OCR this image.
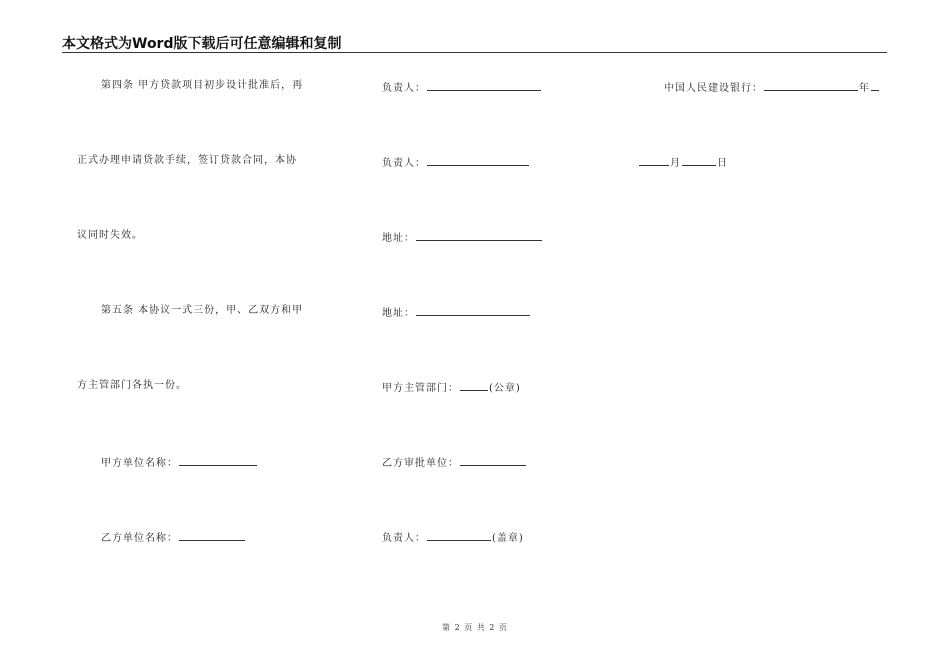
本文格式为Word版下载后可任意编辑和复制
第四条 甲方贷款项目初步设计批准后，再
正式办理申请贷款手续，签订贷款合同，本协
议同时失效。
第五条 本协议一式三份，甲、乙双方和甲
方主管部门各执一份。
甲方单位名称：
乙方单位名称：
负责人：
负责人：
地址：
地址：
甲方主管部门：	(公章)
乙方审批单位：
负责人：	(盖章)
中国人民建设银行：	年
月	日
第 2 页 共 2 页
